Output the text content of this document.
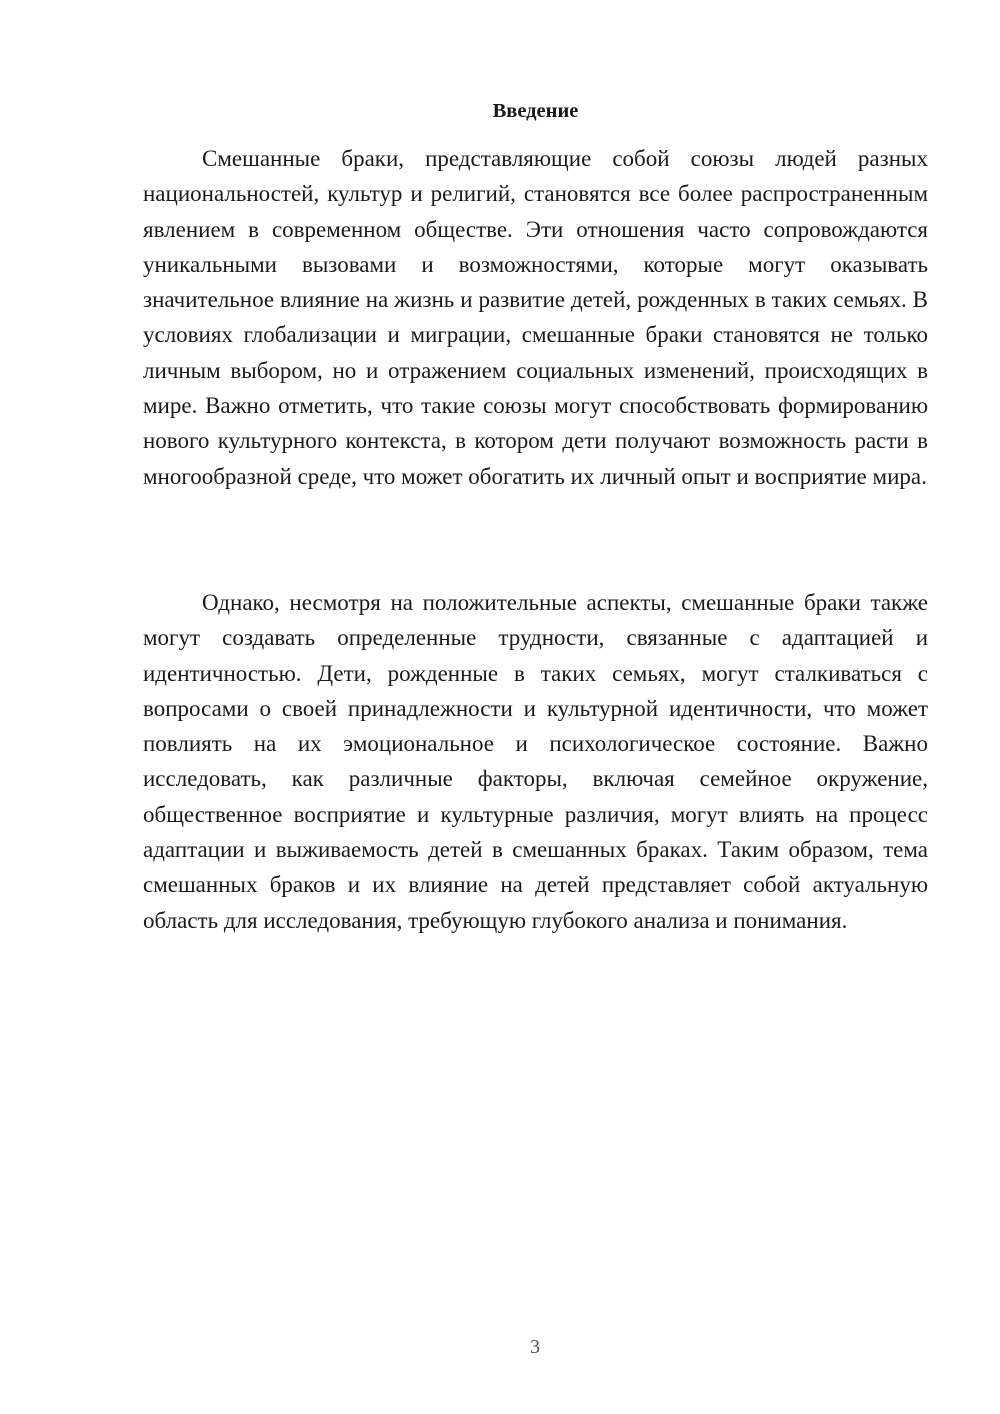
Введение

Смешанные браки, представляющие собой союзы людей разных национальностей, культур и религий, становятся все более распространенным явлением в современном обществе. Эти отношения часто сопровождаются уникальными вызовами и возможностями, которые могут оказывать значительное влияние на жизнь и развитие детей, рожденных в таких семьях. В условиях глобализации и миграции, смешанные браки становятся не только личным выбором, но и отражением социальных изменений, происходящих в мире. Важно отметить, что такие союзы могут способствовать формированию нового культурного контекста, в котором дети получают возможность расти в многообразной среде, что может обогатить их личный опыт и восприятие мира.

Однако, несмотря на положительные аспекты, смешанные браки также могут создавать определенные трудности, связанные с адаптацией и идентичностью. Дети, рожденные в таких семьях, могут сталкиваться с вопросами о своей принадлежности и культурной идентичности, что может повлиять на их эмоциональное и психологическое состояние. Важно исследовать, как различные факторы, включая семейное окружение, общественное восприятие и культурные различия, могут влиять на процесс адаптации и выживаемость детей в смешанных браках. Таким образом, тема смешанных браков и их влияние на детей представляет собой актуальную область для исследования, требующую глубокого анализа и понимания.

3
